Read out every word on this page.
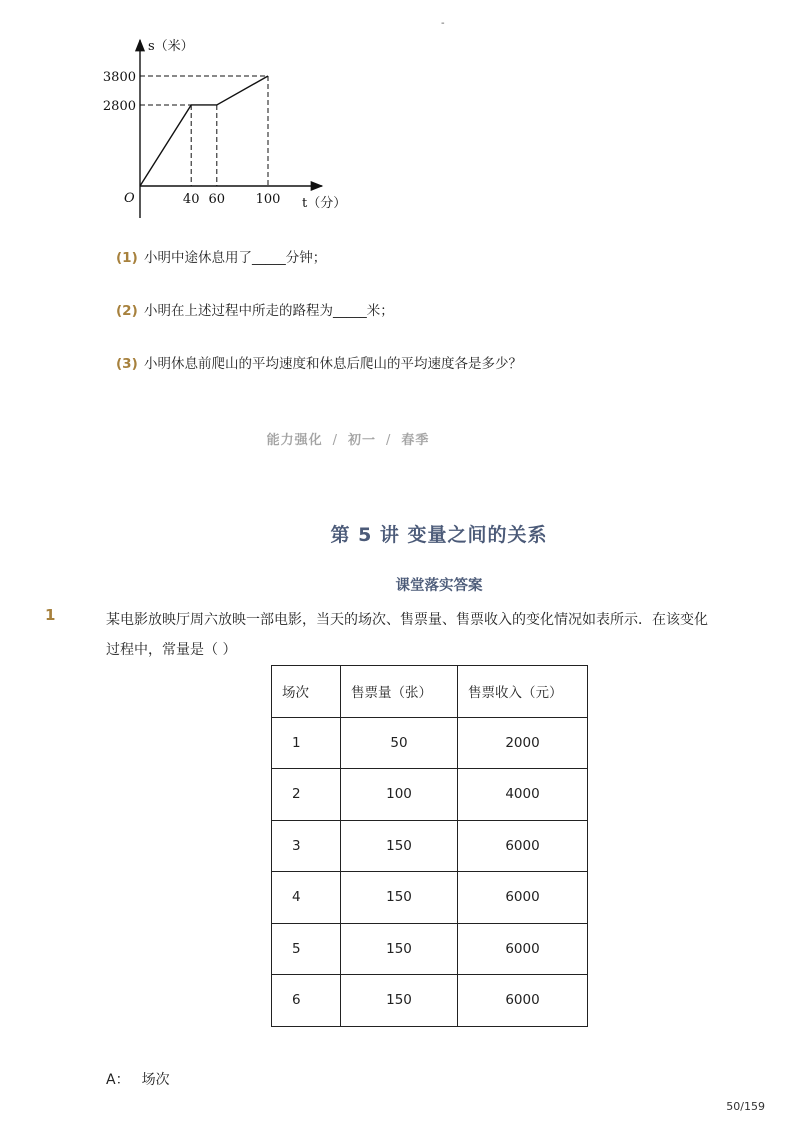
-
2800
3800
40 60 100
s（米）
t（分）
O
(1) 小明中途休息用了_____分钟；
(2) 小明在上述过程中所走的路程为_____米；
(3) 小明休息前爬山的平均速度和休息后爬山的平均速度各是多少？
能力强化 / 初一 / 春季
第 5 讲 变量之间的关系
课堂落实答案
1	某电影放映厅周六放映一部电影，当天的场次、售票量、售票收入的变化情况如表所示．在该变化过程中，常量是（ ）
场次	售票量（张）	售票收入（元）
1	50	2000
2	100	4000
3	150	6000
4	150	6000
5	150	6000
6	150	6000
A： 场次
50/159
